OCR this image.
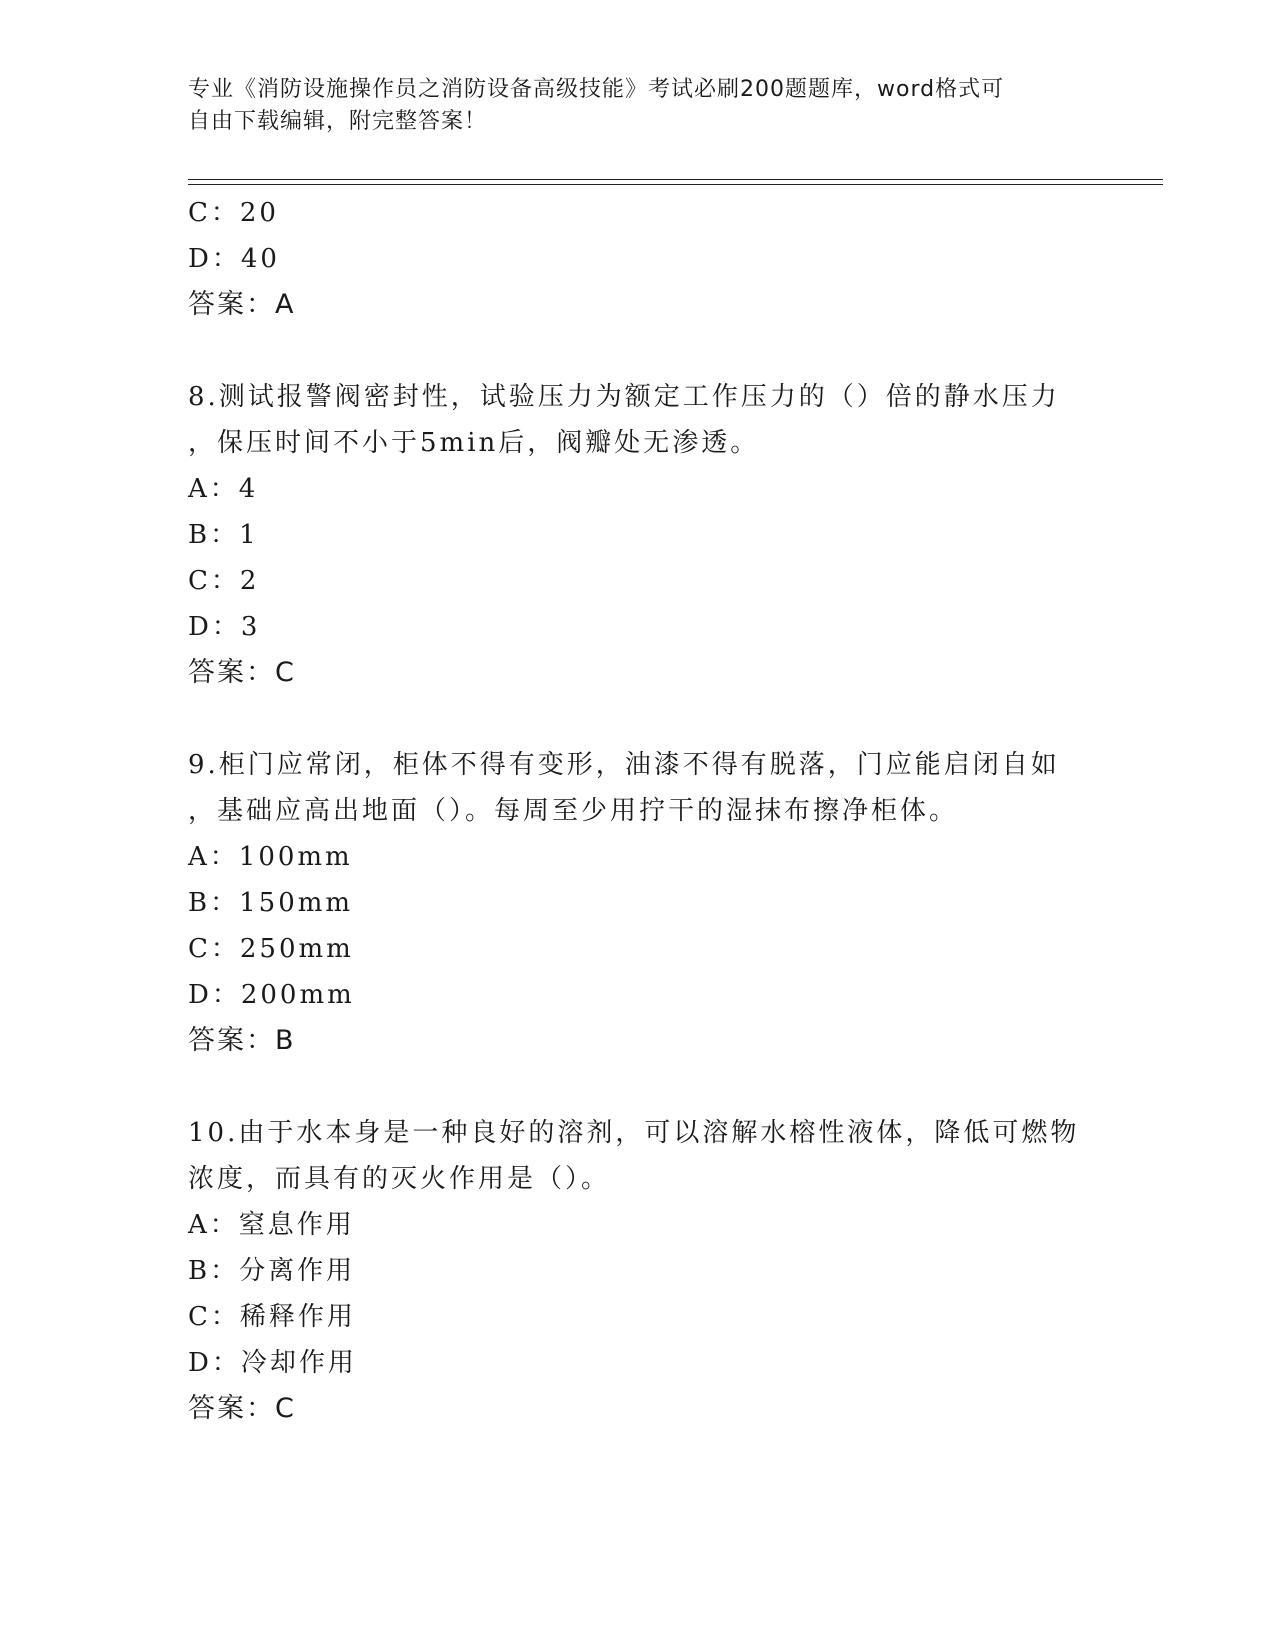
专业《消防设施操作员之消防设备高级技能》考试必刷200题题库，word格式可
自由下载编辑，附完整答案！
C：20
D：40
答案：A
8.测试报警阀密封性，试验压力为额定工作压力的（）倍的静水压力
，保压时间不小于5min后，阀瓣处无渗透。
A：4
B：1
C：2
D：3
答案：C
9.柜门应常闭，柜体不得有变形，油漆不得有脱落，门应能启闭自如
，基础应高出地面（）。每周至少用拧干的湿抹布擦净柜体。
A：100mm
B：150mm
C：250mm
D：200mm
答案：B
10.由于水本身是一种良好的溶剂，可以溶解水榕性液体，降低可燃物
浓度，而具有的灭火作用是（）。
A：窒息作用
B：分离作用
C：稀释作用
D：冷却作用
答案：C
